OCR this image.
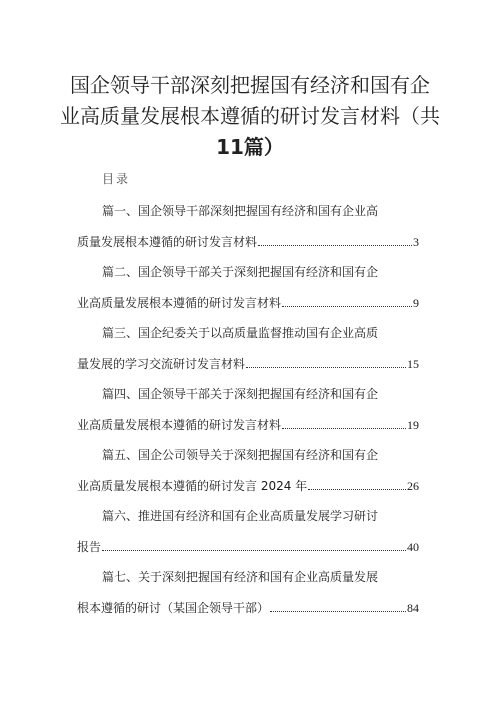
国企领导干部深刻把握国有经济和国有企
业高质量发展根本遵循的研讨发言材料（共
11篇）
目录
篇一、国企领导干部深刻把握国有经济和国有企业高
质量发展根本遵循的研讨发言材料	3
篇二、国企领导干部关于深刻把握国有经济和国有企
业高质量发展根本遵循的研讨发言材料	9
篇三、国企纪委关于以高质量监督推动国有企业高质
量发展的学习交流研讨发言材料	15
篇四、国企领导干部关于深刻把握国有经济和国有企
业高质量发展根本遵循的研讨发言材料	19
篇五、国企公司领导关于深刻把握国有经济和国有企
业高质量发展根本遵循的研讨发言 2024 年	26
篇六、推进国有经济和国有企业高质量发展学习研讨
报告	40
篇七、关于深刻把握国有经济和国有企业高质量发展
根本遵循的研讨（某国企领导干部）	84
